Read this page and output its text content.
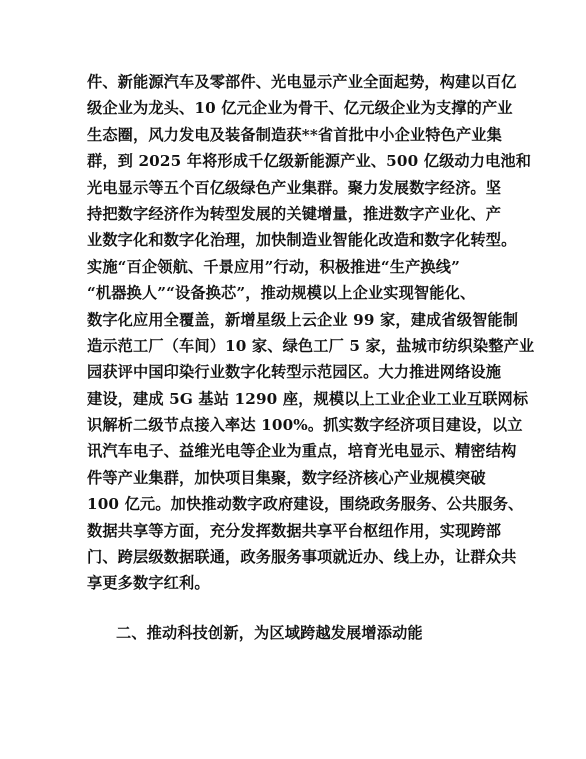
件、新能源汽车及零部件、光电显示产业全面起势，构建以百亿
级企业为龙头、10 亿元企业为骨干、亿元级企业为支撑的产业
生态圈，风力发电及装备制造获**省首批中小企业特色产业集
群，到 2025 年将形成千亿级新能源产业、500 亿级动力电池和
光电显示等五个百亿级绿色产业集群。聚力发展数字经济。坚
持把数字经济作为转型发展的关键增量，推进数字产业化、产
业数字化和数字化治理，加快制造业智能化改造和数字化转型。
实施“百企领航、千景应用”行动，积极推进“生产换线”
“机器换人”“设备换芯”，推动规模以上企业实现智能化、
数字化应用全覆盖，新增星级上云企业 99 家，建成省级智能制
造示范工厂（车间）10 家、绿色工厂 5 家，盐城市纺织染整产业
园获评中国印染行业数字化转型示范园区。大力推进网络设施
建设，建成 5G 基站 1290 座，规模以上工业企业工业互联网标
识解析二级节点接入率达 100%。抓实数字经济项目建设，以立
讯汽车电子、益维光电等企业为重点，培育光电显示、精密结构
件等产业集群，加快项目集聚，数字经济核心产业规模突破
100 亿元。加快推动数字政府建设，围绕政务服务、公共服务、
数据共享等方面，充分发挥数据共享平台枢纽作用，实现跨部
门、跨层级数据联通，政务服务事项就近办、线上办，让群众共
享更多数字红利。
二、推动科技创新，为区域跨越发展增添动能
